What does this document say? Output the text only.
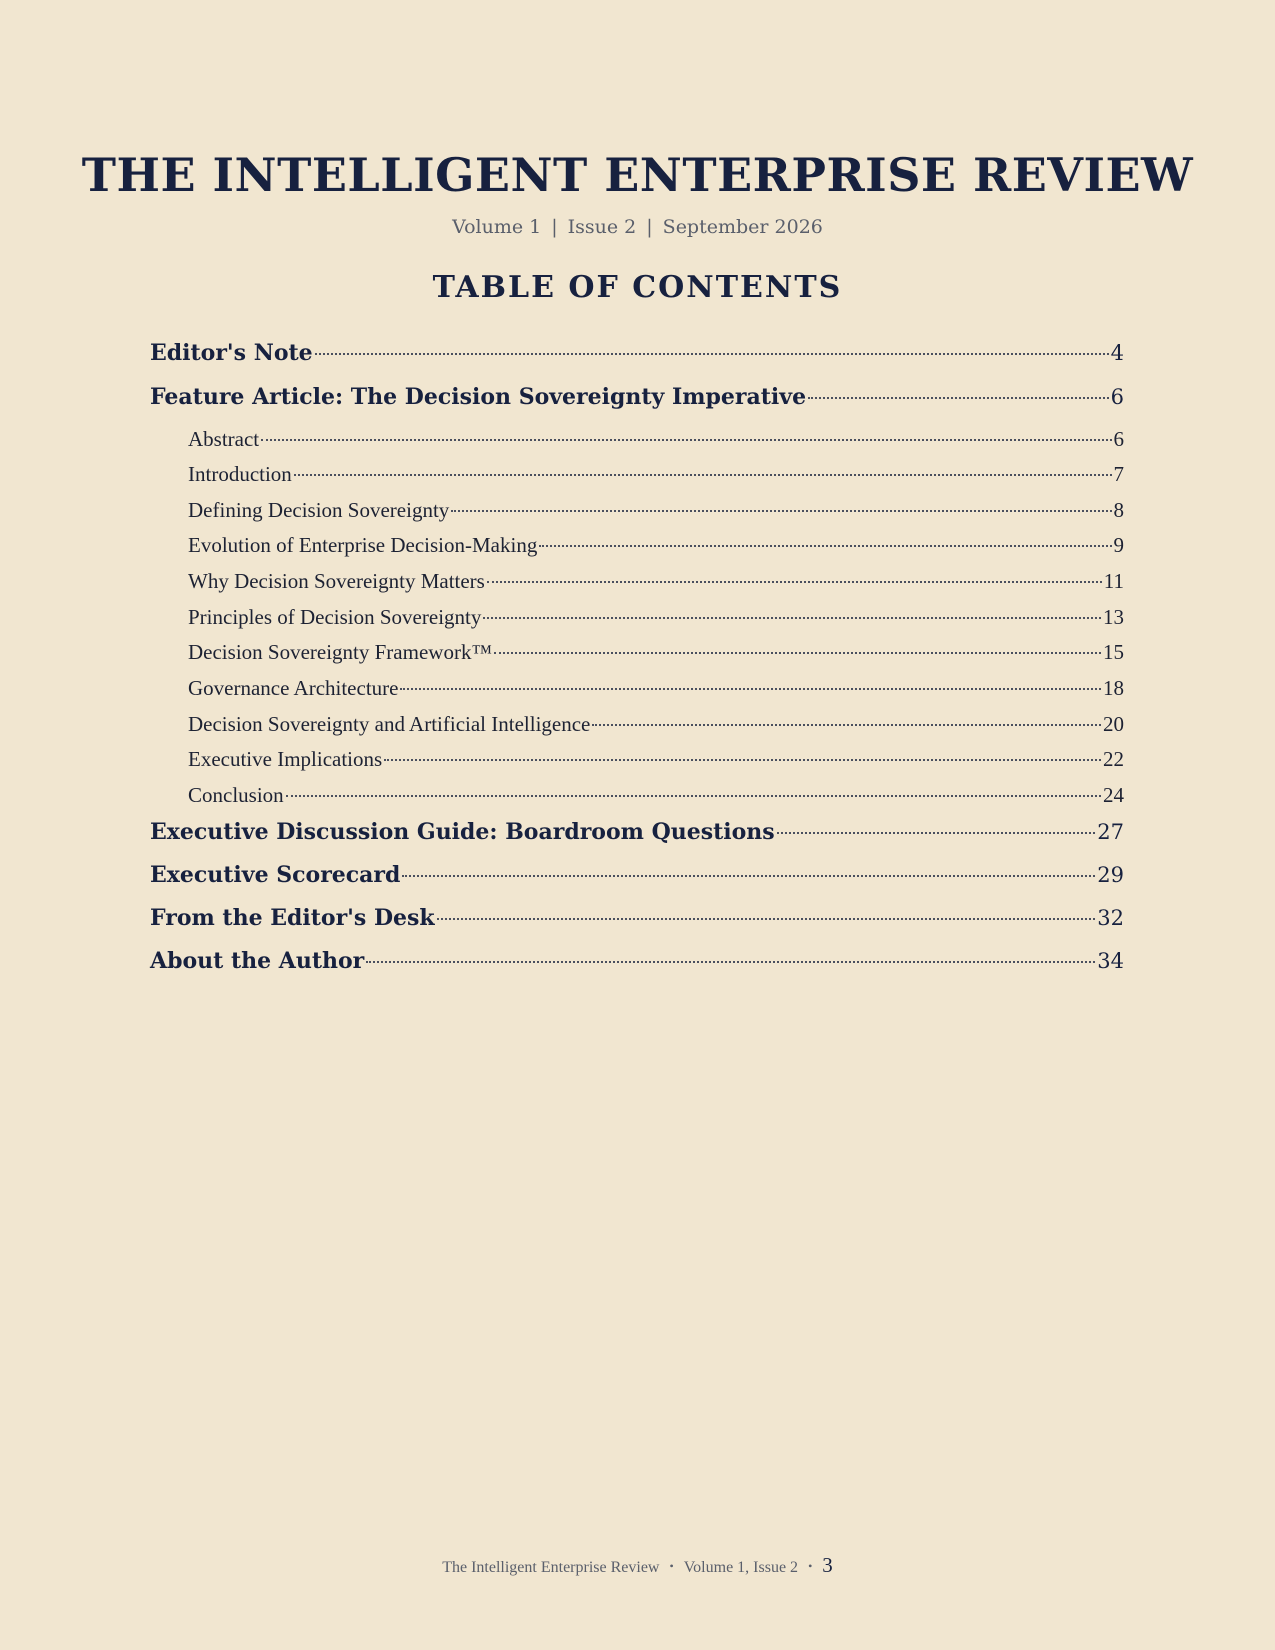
THE INTELLIGENT ENTERPRISE REVIEW
Volume 1 | Issue 2 | September 2026
TABLE OF CONTENTS
Editor's Note	4
Feature Article: The Decision Sovereignty Imperative	6
Abstract	6
Introduction	7
Defining Decision Sovereignty	8
Evolution of Enterprise Decision-Making	9
Why Decision Sovereignty Matters	11
Principles of Decision Sovereignty	13
Decision Sovereignty Framework™	15
Governance Architecture	18
Decision Sovereignty and Artificial Intelligence	20
Executive Implications	22
Conclusion	24
Executive Discussion Guide: Boardroom Questions	27
Executive Scorecard	29
From the Editor's Desk	32
About the Author	34
The Intelligent Enterprise Review • Volume 1, Issue 2 • 3
